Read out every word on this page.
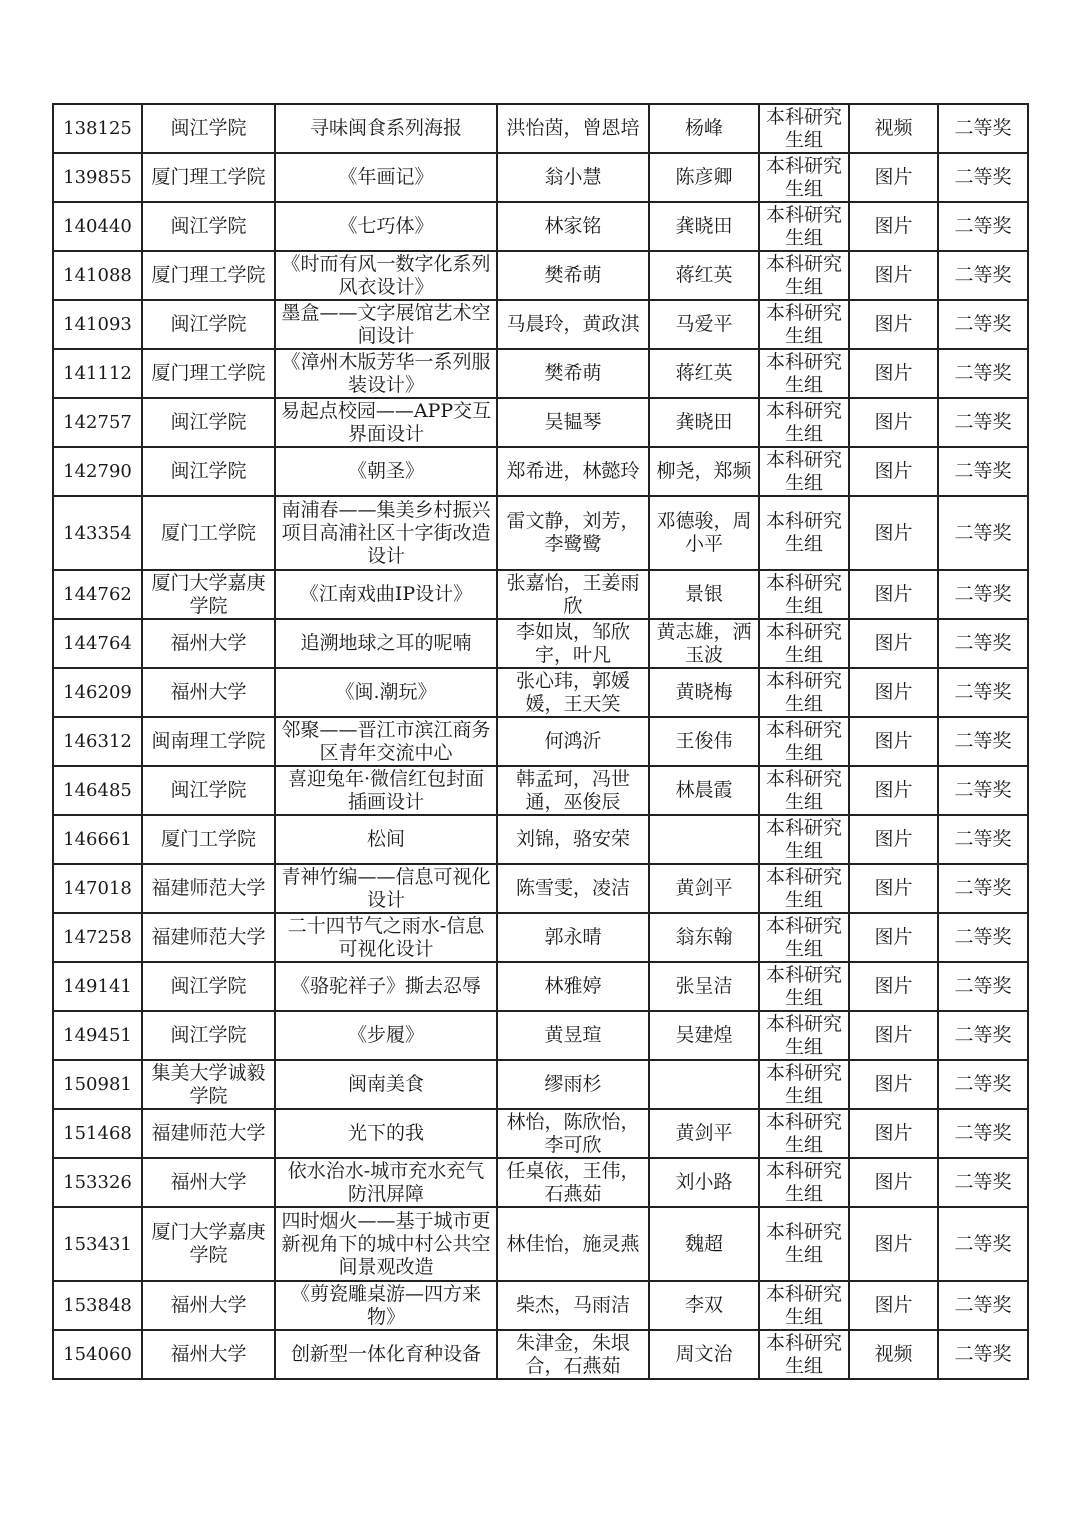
138125	闽江学院	寻味闽食系列海报	洪怡茵，曾恩培	杨峰	本科研究生组	视频	二等奖
139855	厦门理工学院	《年画记》	翁小慧	陈彦卿	本科研究生组	图片	二等奖
140440	闽江学院	《七巧体》	林家铭	龚晓田	本科研究生组	图片	二等奖
141088	厦门理工学院	《时而有风一数字化系列风衣设计》	樊希萌	蒋红英	本科研究生组	图片	二等奖
141093	闽江学院	墨盒——文字展馆艺术空间设计	马晨玲，黄政淇	马爱平	本科研究生组	图片	二等奖
141112	厦门理工学院	《漳州木版芳华一系列服装设计》	樊希萌	蒋红英	本科研究生组	图片	二等奖
142757	闽江学院	易起点校园——APP交互界面设计	吴韫琴	龚晓田	本科研究生组	图片	二等奖
142790	闽江学院	《朝圣》	郑希进，林懿玲	柳尧，郑频	本科研究生组	图片	二等奖
143354	厦门工学院	南浦春——集美乡村振兴项目高浦社区十字街改造设计	雷文静，刘芳，李鹭鹭	邓德骏，周小平	本科研究生组	图片	二等奖
144762	厦门大学嘉庚学院	《江南戏曲IP设计》	张嘉怡，王姜雨欣	景银	本科研究生组	图片	二等奖
144764	福州大学	追溯地球之耳的呢喃	李如岚，邹欣宇，叶凡	黄志雄，洒玉波	本科研究生组	图片	二等奖
146209	福州大学	《闽.潮玩》	张心玮，郭媛媛，王天笑	黄晓梅	本科研究生组	图片	二等奖
146312	闽南理工学院	邻聚——晋江市滨江商务区青年交流中心	何鸿沂	王俊伟	本科研究生组	图片	二等奖
146485	闽江学院	喜迎兔年·微信红包封面插画设计	韩孟珂，冯世通，巫俊辰	林晨霞	本科研究生组	图片	二等奖
146661	厦门工学院	松间	刘锦，骆安荣		本科研究生组	图片	二等奖
147018	福建师范大学	青神竹编——信息可视化设计	陈雪雯，凌洁	黄剑平	本科研究生组	图片	二等奖
147258	福建师范大学	二十四节气之雨水-信息可视化设计	郭永晴	翁东翰	本科研究生组	图片	二等奖
149141	闽江学院	《骆驼祥子》撕去忍辱	林雅婷	张呈洁	本科研究生组	图片	二等奖
149451	闽江学院	《步履》	黄昱瑄	吴建煌	本科研究生组	图片	二等奖
150981	集美大学诚毅学院	闽南美食	缪雨杉		本科研究生组	图片	二等奖
151468	福建师范大学	光下的我	林怡，陈欣怡，李可欣	黄剑平	本科研究生组	图片	二等奖
153326	福州大学	依水治水-城市充水充气防汛屏障	任桌依，王伟，石燕茹	刘小路	本科研究生组	图片	二等奖
153431	厦门大学嘉庚学院	四时烟火——基于城市更新视角下的城中村公共空间景观改造	林佳怡，施灵燕	魏超	本科研究生组	图片	二等奖
153848	福州大学	《剪瓷雕桌游—四方来物》	柴杰，马雨洁	李双	本科研究生组	图片	二等奖
154060	福州大学	创新型一体化育种设备	朱津金，朱垠合，石燕茹	周文治	本科研究生组	视频	二等奖
